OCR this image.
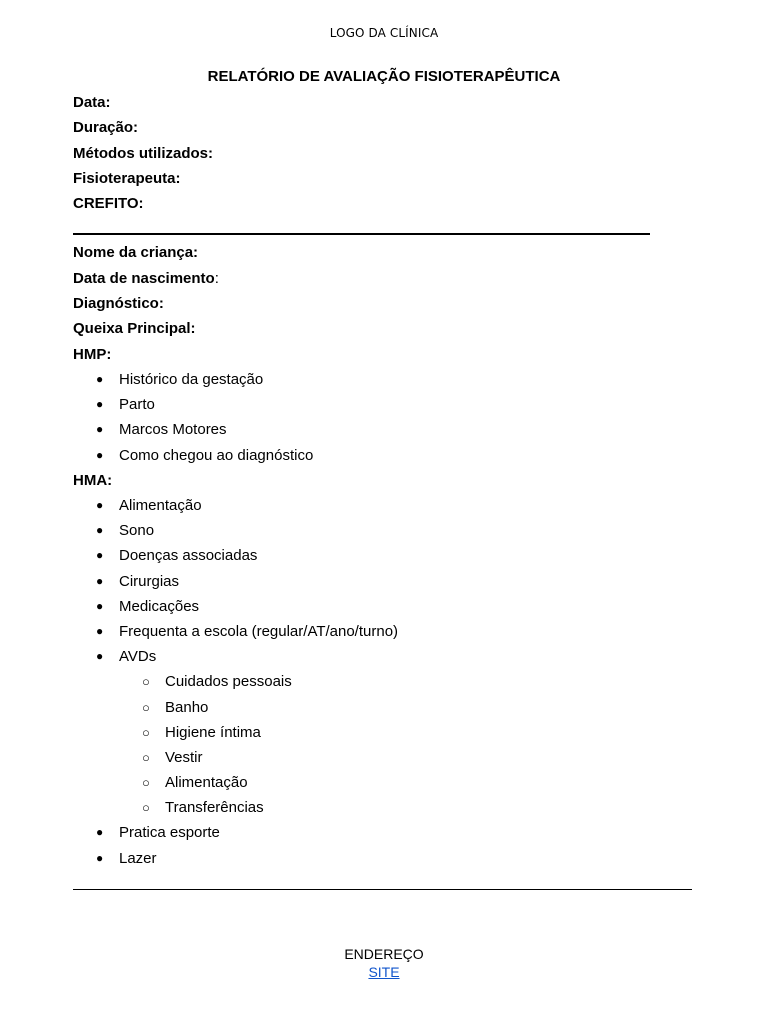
LOGO DA CLÍNICA
RELATÓRIO DE AVALIAÇÃO FISIOTERAPÊUTICA
Data:
Duração:
Métodos utilizados:
Fisioterapeuta:
CREFITO:
Nome da criança:
Data de nascimento:
Diagnóstico:
Queixa Principal:
HMP:
● Histórico da gestação
● Parto
● Marcos Motores
● Como chegou ao diagnóstico
HMA:
● Alimentação
● Sono
● Doenças associadas
● Cirurgias
● Medicações
● Frequenta a escola (regular/AT/ano/turno)
● AVDs
○ Cuidados pessoais
○ Banho
○ Higiene íntima
○ Vestir
○ Alimentação
○ Transferências
● Pratica esporte
● Lazer
ENDEREÇO
SITE
